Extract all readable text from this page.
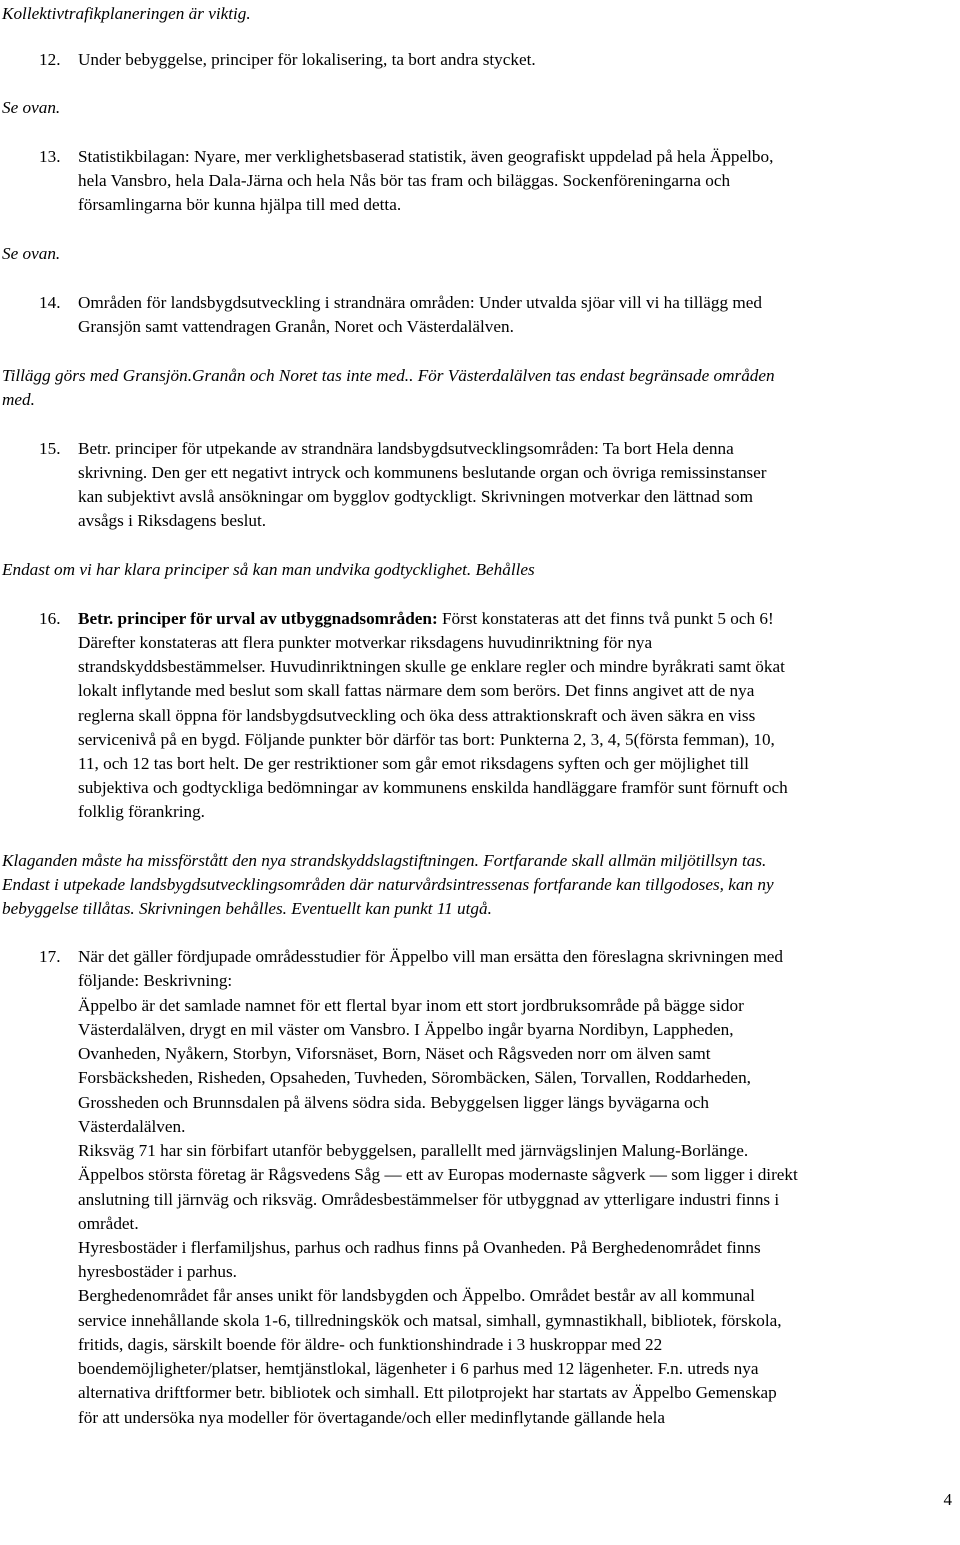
Kollektivtrafikplaneringen är viktig.
12. Under bebyggelse, principer för lokalisering, ta bort andra stycket.
Se ovan.
13. Statistikbilagan: Nyare, mer verklighetsbaserad statistik, även geografiskt uppdelad på hela Äppelbo,
hela Vansbro, hela Dala-Järna och hela Nås bör tas fram och biläggas. Sockenföreningarna och
församlingarna bör kunna hjälpa till med detta.
Se ovan.
14. Områden för landsbygdsutveckling i strandnära områden: Under utvalda sjöar vill vi ha tillägg med
Gransjön samt vattendragen Granån, Noret och Västerdalälven.
Tillägg görs med Gransjön.Granån och Noret tas inte med.. För Västerdalälven tas endast begränsade områden
med.
15. Betr. principer för utpekande av strandnära landsbygdsutvecklingsområden: Ta bort Hela denna
skrivning. Den ger ett negativt intryck och kommunens beslutande organ och övriga remissinstanser
kan subjektivt avslå ansökningar om bygglov godtyckligt. Skrivningen motverkar den lättnad som
avsågs i Riksdagens beslut.
Endast om vi har klara principer så kan man undvika godtycklighet. Behålles
16. Betr. principer för urval av utbyggnadsområden: Först konstateras att det finns två punkt 5 och 6!
Därefter konstateras att flera punkter motverkar riksdagens huvudinriktning för nya
strandskyddsbestämmelser. Huvudinriktningen skulle ge enklare regler och mindre byråkrati samt ökat
lokalt inflytande med beslut som skall fattas närmare dem som berörs. Det finns angivet att de nya
reglerna skall öppna för landsbygdsutveckling och öka dess attraktionskraft och även säkra en viss
servicenivå på en bygd. Följande punkter bör därför tas bort: Punkterna 2, 3, 4, 5(första femman), 10,
11, och 12 tas bort helt. De ger restriktioner som går emot riksdagens syften och ger möjlighet till
subjektiva och godtyckliga bedömningar av kommunens enskilda handläggare framför sunt förnuft och
folklig förankring.
Klaganden måste ha missförstått den nya strandskyddslagstiftningen. Fortfarande skall allmän miljötillsyn tas.
Endast i utpekade landsbygdsutvecklingsområden där naturvårdsintressenas fortfarande kan tillgodoses, kan ny
bebyggelse tillåtas. Skrivningen behålles. Eventuellt kan punkt 11 utgå.
17. När det gäller fördjupade områdesstudier för Äppelbo vill man ersätta den föreslagna skrivningen med
följande: Beskrivning:
Äppelbo är det samlade namnet för ett flertal byar inom ett stort jordbruksområde på bägge sidor
Västerdalälven, drygt en mil väster om Vansbro. I Äppelbo ingår byarna Nordibyn, Lappheden,
Ovanheden, Nyåkern, Storbyn, Viforsnäset, Born, Näset och Rågsveden norr om älven samt
Forsbäcksheden, Risheden, Opsaheden, Tuvheden, Sörombäcken, Sälen, Torvallen, Roddarheden,
Grossheden och Brunnsdalen på älvens södra sida. Bebyggelsen ligger längs byvägarna och
Västerdalälven.
Riksväg 71 har sin förbifart utanför bebyggelsen, parallellt med järnvägslinjen Malung-Borlänge.
Äppelbos största företag är Rågsvedens Såg — ett av Europas modernaste sågverk — som ligger i direkt
anslutning till järnväg och riksväg. Områdesbestämmelser för utbyggnad av ytterligare industri finns i
området.
Hyresbostäder i flerfamiljshus, parhus och radhus finns på Ovanheden. På Berghedenområdet finns
hyresbostäder i parhus.
Berghedenområdet får anses unikt för landsbygden och Äppelbo. Området består av all kommunal
service innehållande skola 1-6, tillredningskök och matsal, simhall, gymnastikhall, bibliotek, förskola,
fritids, dagis, särskilt boende för äldre- och funktionshindrade i 3 huskroppar med 22
boendemöjligheter/platser, hemtjänstlokal, lägenheter i 6 parhus med 12 lägenheter. F.n. utreds nya
alternativa driftformer betr. bibliotek och simhall. Ett pilotprojekt har startats av Äppelbo Gemenskap
för att undersöka nya modeller för övertagande/och eller medinflytande gällande hela
4
